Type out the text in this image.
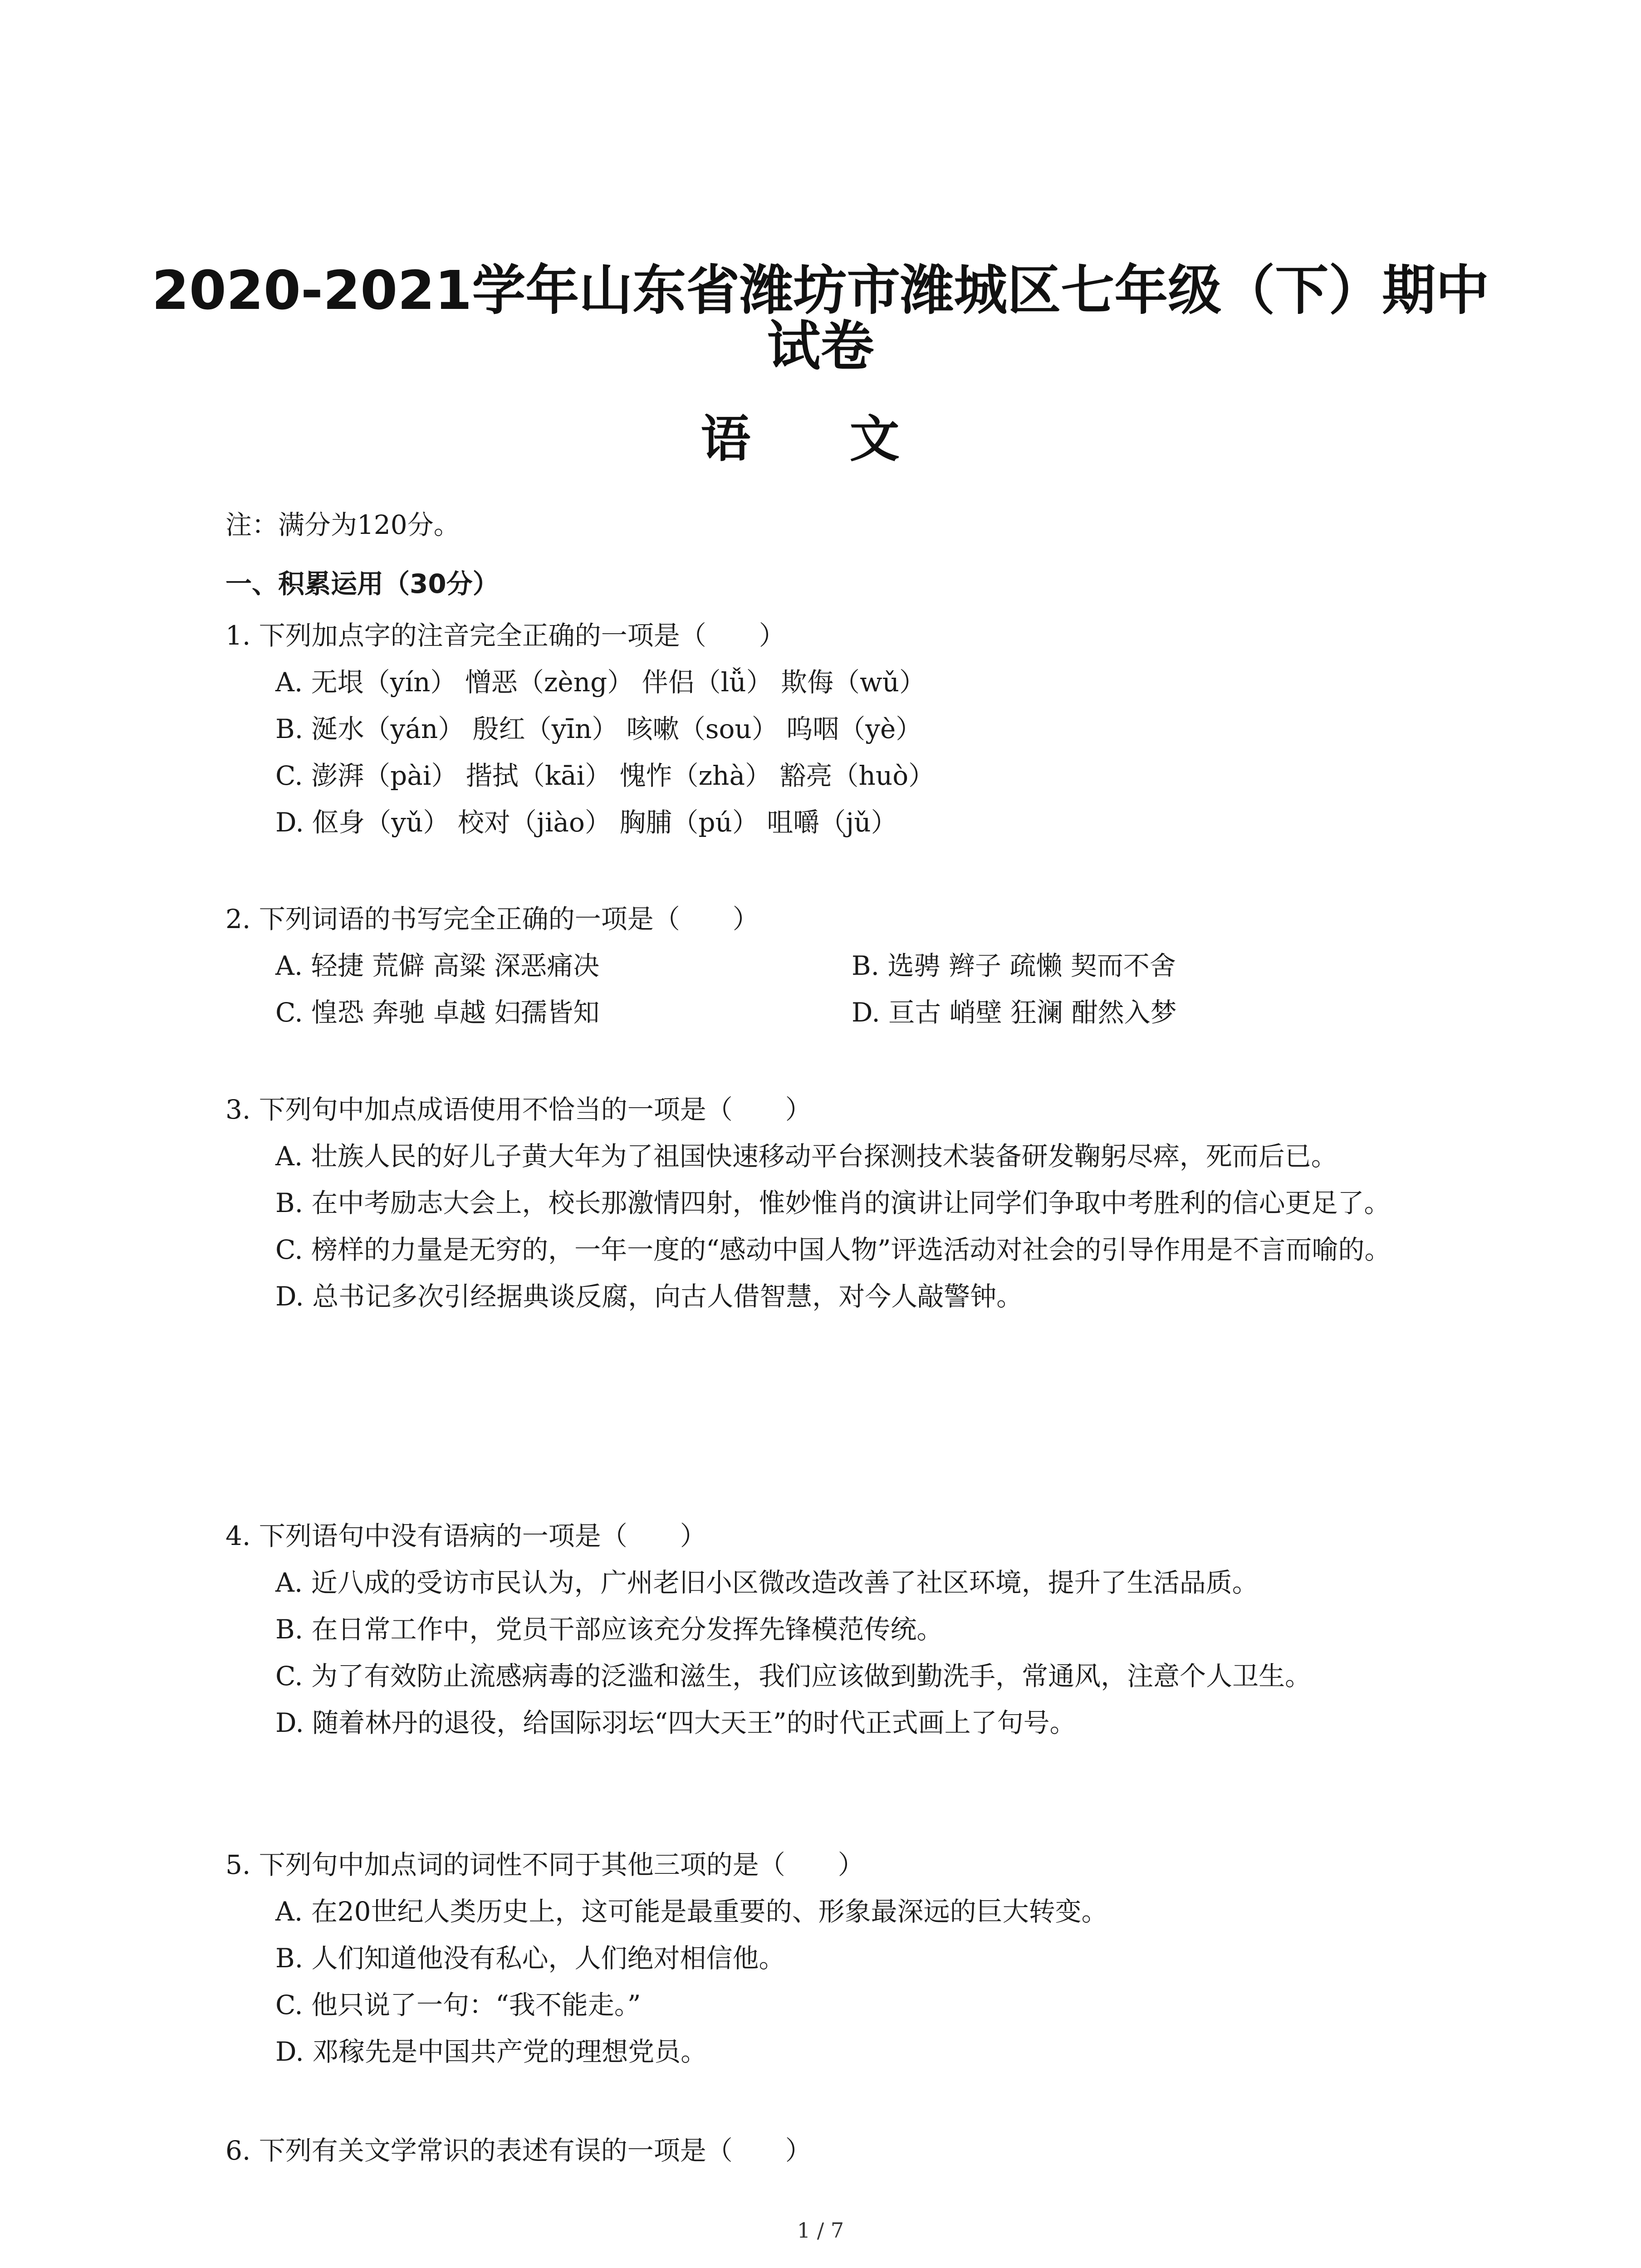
2020-2021学年山东省潍坊市潍城区七年级（下）期中
试卷
语 文
注：满分为120分。
一、积累运用（30分）
1. 下列加点字的注音完全正确的一项是（　　）
A. 无垠（yín） 憎恶（zèng） 伴侣（lǚ） 欺侮（wǔ）
B. 涎水（yán） 殷红（yīn） 咳嗽（sou） 呜咽（yè）
C. 澎湃（pài） 揩拭（kāi） 愧怍（zhà） 豁亮（huò）
D. 伛身（yǔ） 校对（jiào） 胸脯（pú） 咀嚼（jǔ）
2. 下列词语的书写完全正确的一项是（　　）
A. 轻捷 荒僻 高粱 深恶痛决	B. 选骋 辫子 疏懒 契而不舍
C. 惶恐 奔驰 卓越 妇孺皆知	D. 亘古 峭壁 狂澜 酣然入梦
3. 下列句中加点成语使用不恰当的一项是（　　）
A. 壮族人民的好儿子黄大年为了祖国快速移动平台探测技术装备研发鞠躬尽瘁，死而后已。
B. 在中考励志大会上，校长那激情四射，惟妙惟肖的演讲让同学们争取中考胜利的信心更足了。
C. 榜样的力量是无穷的，一年一度的“感动中国人物”评选活动对社会的引导作用是不言而喻的。
D. 总书记多次引经据典谈反腐，向古人借智慧，对今人敲警钟。
4. 下列语句中没有语病的一项是（　　）
A. 近八成的受访市民认为，广州老旧小区微改造改善了社区环境，提升了生活品质。
B. 在日常工作中，党员干部应该充分发挥先锋模范传统。
C. 为了有效防止流感病毒的泛滥和滋生，我们应该做到勤洗手，常通风，注意个人卫生。
D. 随着林丹的退役，给国际羽坛“四大天王”的时代正式画上了句号。
5. 下列句中加点词的词性不同于其他三项的是（　　）
A. 在20世纪人类历史上，这可能是最重要的、形象最深远的巨大转变。
B. 人们知道他没有私心，人们绝对相信他。
C. 他只说了一句：“我不能走。”
D. 邓稼先是中国共产党的理想党员。
6. 下列有关文学常识的表述有误的一项是（　　）
1 / 7
